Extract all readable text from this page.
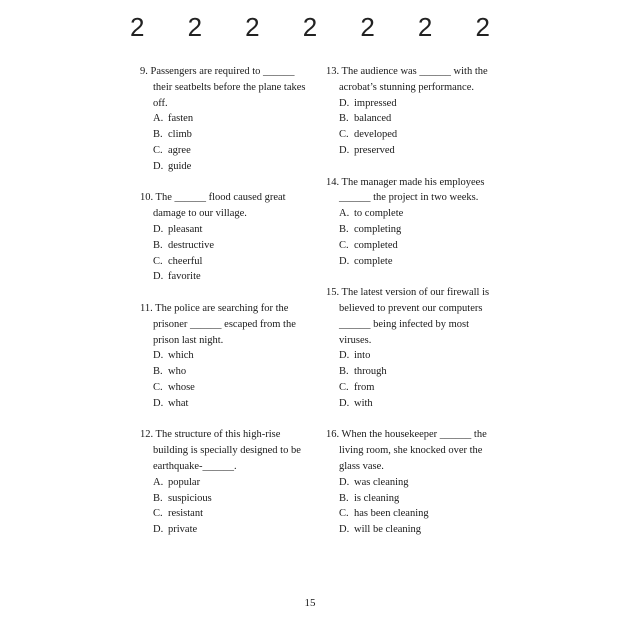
2 2 2 2 2 2 2
9. Passengers are required to ______ their seatbelts before the plane takes off.
A. fasten
B. climb
C. agree
D. guide
10. The ______ flood caused great damage to our village.
D. pleasant
B. destructive
C. cheerful
D. favorite
11. The police are searching for the prisoner ______ escaped from the prison last night.
D. which
B. who
C. whose
D. what
12. The structure of this high-rise building is specially designed to be earthquake-______.
A. popular
B. suspicious
C. resistant
D. private
13. The audience was ______ with the acrobat’s stunning performance.
D. impressed
B. balanced
C. developed
D. preserved
14. The manager made his employees ______ the project in two weeks.
A. to complete
B. completing
C. completed
D. complete
15. The latest version of our firewall is believed to prevent our computers ______ being infected by most viruses.
D. into
B. through
C. from
D. with
16. When the housekeeper ______ the living room, she knocked over the glass vase.
D. was cleaning
B. is cleaning
C. has been cleaning
D. will be cleaning
15
